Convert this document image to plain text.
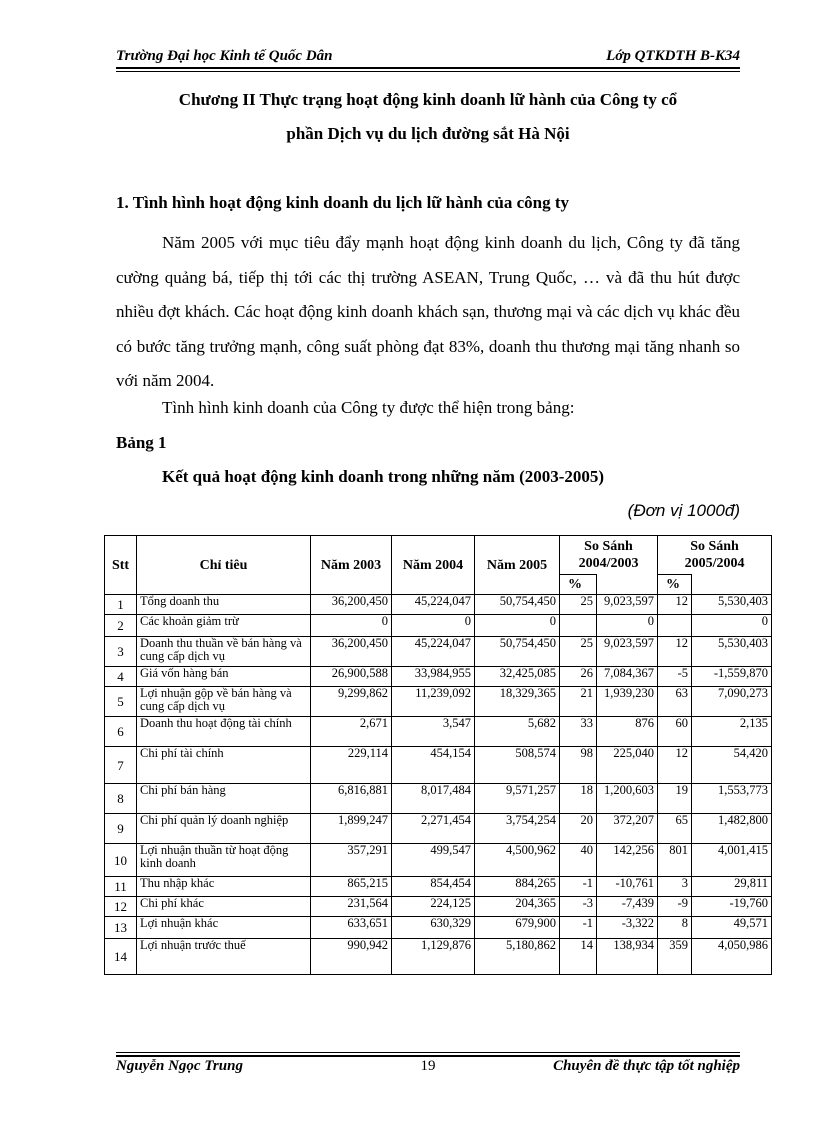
Trường Đại học Kinh tế Quốc Dân	Lớp QTKDTH B-K34
Chương II Thực trạng hoạt động kinh doanh lữ hành của Công ty cổ
phần Dịch vụ du lịch đường sắt Hà Nội
1. Tình hình hoạt động kinh doanh du lịch lữ hành của công ty

Năm 2005 với mục tiêu đẩy mạnh hoạt động kinh doanh du lịch, Công ty đã tăng cường quảng bá, tiếp thị tới các thị trường ASEAN, Trung Quốc, … và đã thu hút được nhiều đợt khách. Các hoạt động kinh doanh khách sạn, thương mại và các dịch vụ khác đều có bước tăng trưởng mạnh, công suất phòng đạt 83%, doanh thu thương mại tăng nhanh so với năm 2004.

Tình hình kinh doanh của Công ty được thể hiện trong bảng:
Bảng 1
Kết quả hoạt động kinh doanh trong những năm (2003-2005)
(Đơn vị 1000đ)
Stt	Chỉ tiêu	Năm 2003	Năm 2004	Năm 2005	So Sánh 2004/2003		So Sánh 2005/2004	
					%		%	
1	Tổng doanh thu	36,200,450	45,224,047	50,754,450	25	9,023,597	12	5,530,403
2	Các khoản giảm trừ	0	0	0		0		0
3	Doanh thu thuần về bán hàng và cung cấp dịch vụ	36,200,450	45,224,047	50,754,450	25	9,023,597	12	5,530,403
4	Giá vốn hàng bán	26,900,588	33,984,955	32,425,085	26	7,084,367	-5	-1,559,870
5	Lợi nhuận gộp về bán hàng và cung cấp dịch vụ	9,299,862	11,239,092	18,329,365	21	1,939,230	63	7,090,273
6	Doanh thu hoạt động tài chính	2,671	3,547	5,682	33	876	60	2,135
7	Chi phí tài chính	229,114	454,154	508,574	98	225,040	12	54,420
8	Chi phí bán hàng	6,816,881	8,017,484	9,571,257	18	1,200,603	19	1,553,773
9	Chi phí quản lý doanh nghiệp	1,899,247	2,271,454	3,754,254	20	372,207	65	1,482,800
10	Lợi nhuận thuần từ hoạt động kinh doanh	357,291	499,547	4,500,962	40	142,256	801	4,001,415
11	Thu nhập khác	865,215	854,454	884,265	-1	-10,761	3	29,811
12	Chi phí khác	231,564	224,125	204,365	-3	-7,439	-9	-19,760
13	Lợi nhuận khác	633,651	630,329	679,900	-1	-3,322	8	49,571
14	Lợi nhuận trước thuế	990,942	1,129,876	5,180,862	14	138,934	359	4,050,986
Nguyễn Ngọc Trung	19	Chuyên đề thực tập tốt nghiệp
